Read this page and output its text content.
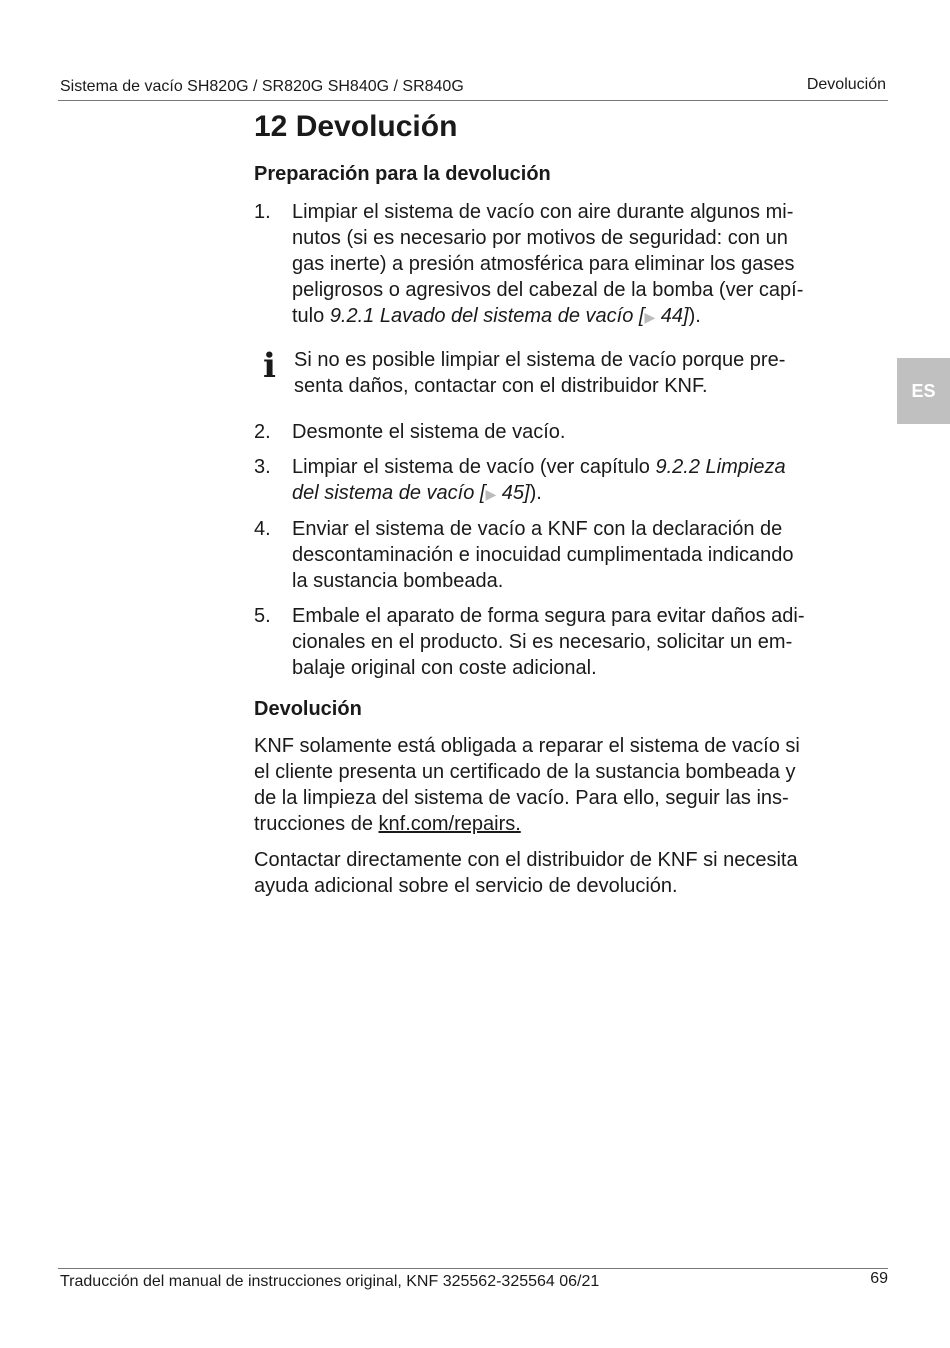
Sistema de vacío SH820G / SR820G SH840G / SR840G	Devolución
12 Devolución
Preparación para la devolución
1. Limpiar el sistema de vacío con aire durante algunos mi-
nutos (si es necesario por motivos de seguridad: con un
gas inerte) a presión atmosférica para eliminar los gases
peligrosos o agresivos del cabezal de la bomba (ver capí-
tulo 9.2.1 Lavado del sistema de vacío [▶ 44]).
i Si no es posible limpiar el sistema de vacío porque pre-
senta daños, contactar con el distribuidor KNF.
2. Desmonte el sistema de vacío.
3. Limpiar el sistema de vacío (ver capítulo 9.2.2 Limpieza
del sistema de vacío [▶ 45]).
4. Enviar el sistema de vacío a KNF con la declaración de
descontaminación e inocuidad cumplimentada indicando
la sustancia bombeada.
5. Embale el aparato de forma segura para evitar daños adi-
cionales en el producto. Si es necesario, solicitar un em-
balaje original con coste adicional.
Devolución
KNF solamente está obligada a reparar el sistema de vacío si
el cliente presenta un certificado de la sustancia bombeada y
de la limpieza del sistema de vacío. Para ello, seguir las ins-
trucciones de knf.com/repairs.
Contactar directamente con el distribuidor de KNF si necesita
ayuda adicional sobre el servicio de devolución.
ES
Traducción del manual de instrucciones original, KNF 325562-325564 06/21	69
